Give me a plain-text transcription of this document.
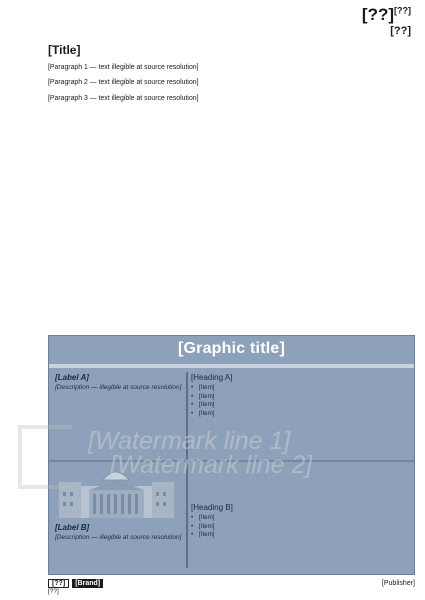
[??][??]
[??]
[Title]

[Paragraph 1 — text illegible at source resolution]

[Paragraph 2 — text illegible at source resolution]

[Paragraph 3 — text illegible at source resolution]

[Graphic title]
[Label A]
[Description — illegible at source resolution]
[Label B]
[Description — illegible at source resolution]
[Heading A]
• [Item]
• [Item]
• [Item]
• [Item]
[Heading B]
• [Item]
• [Item]
• [Item]
[Watermark line 1]
[Watermark line 2]
[??] [Brand]
[??]
[Publisher]
